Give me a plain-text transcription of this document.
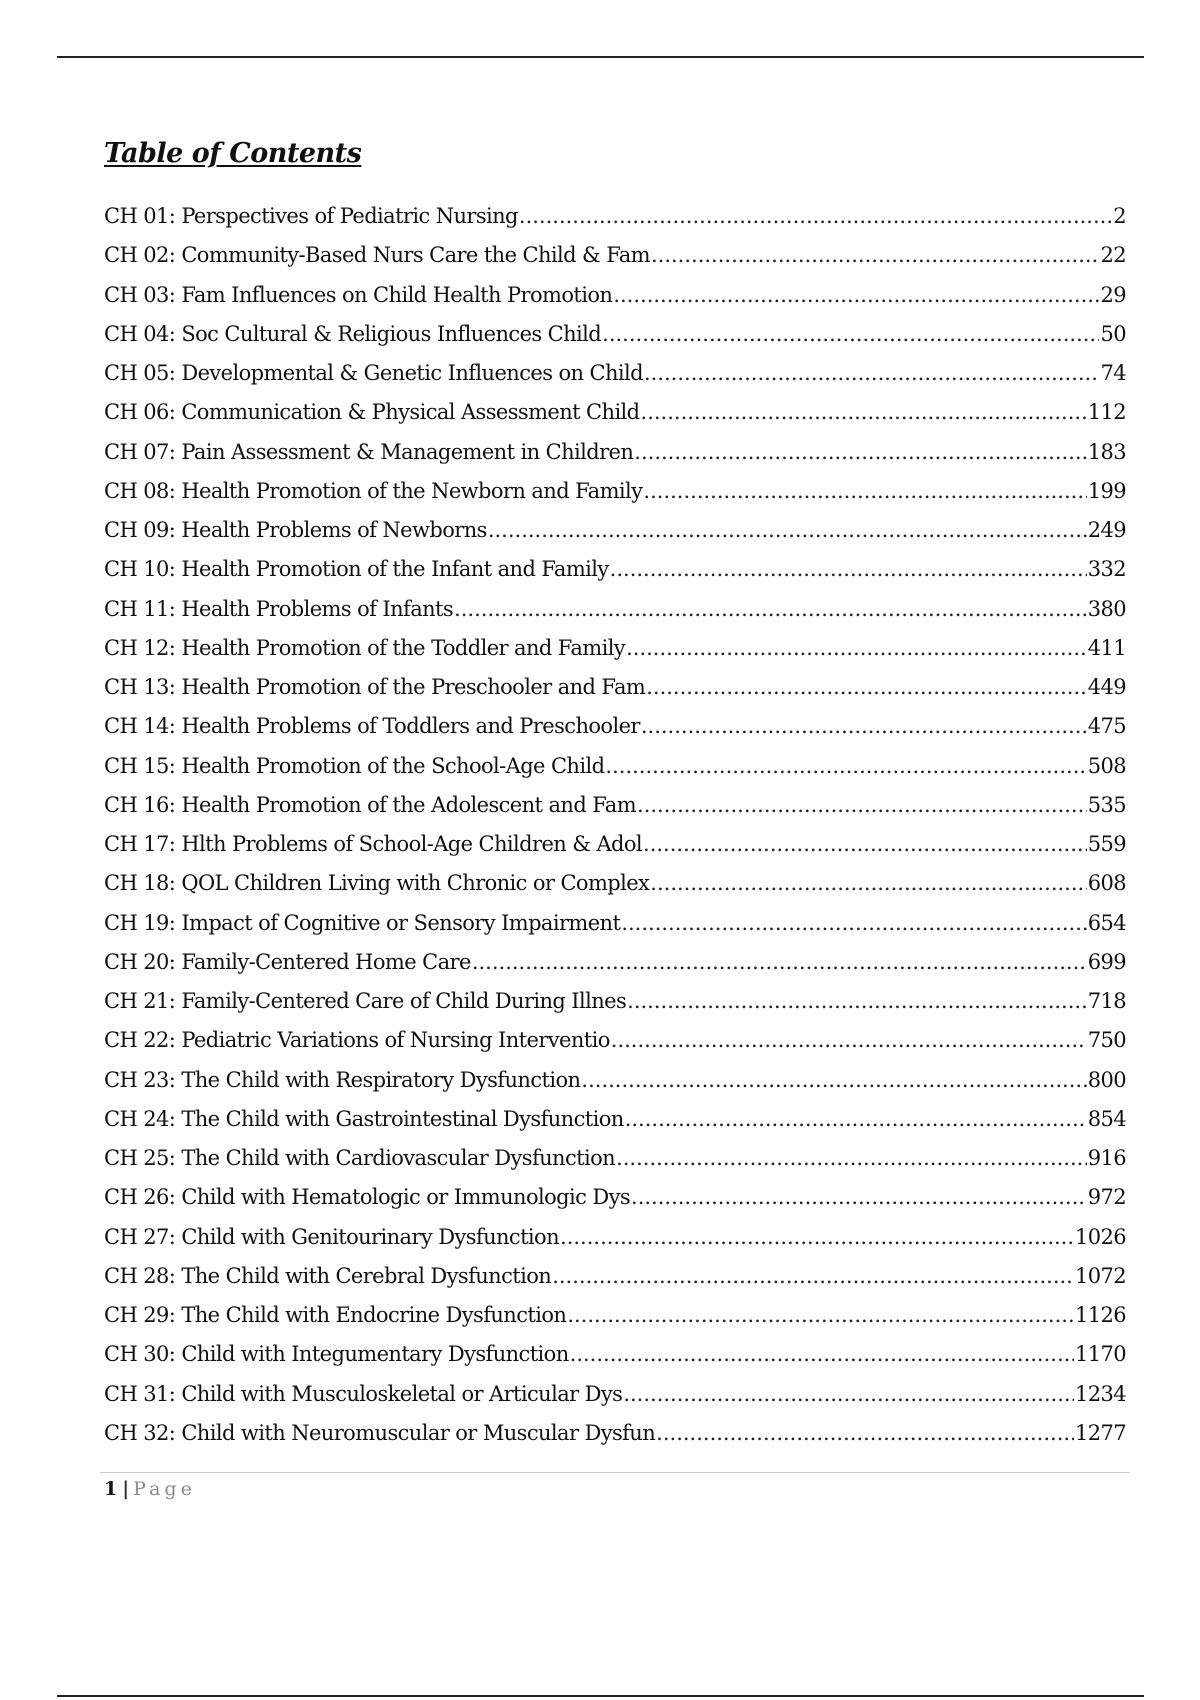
Table of Contents
CH 01: Perspectives of Pediatric Nursing .....	2
CH 02: Community-Based Nurs Care the Child & Fam .....	22
CH 03: Fam Influences on Child Health Promotion .....	29
CH 04: Soc Cultural & Religious Influences Child .....	50
CH 05: Developmental & Genetic Influences on Child .....	74
CH 06: Communication & Physical Assessment Child .....	112
CH 07: Pain Assessment & Management in Children .....	183
CH 08: Health Promotion of the Newborn and Family .....	199
CH 09: Health Problems of Newborns .....	249
CH 10: Health Promotion of the Infant and Family .....	332
CH 11: Health Problems of Infants .....	380
CH 12: Health Promotion of the Toddler and Family .....	411
CH 13: Health Promotion of the Preschooler and Fam .....	449
CH 14: Health Problems of Toddlers and Preschooler .....	475
CH 15: Health Promotion of the School-Age Child .....	508
CH 16: Health Promotion of the Adolescent and Fam .....	535
CH 17: Hlth Problems of School-Age Children & Adol .....	559
CH 18: QOL Children Living with Chronic or Complex .....	608
CH 19: Impact of Cognitive or Sensory Impairment .....	654
CH 20: Family-Centered Home Care .....	699
CH 21: Family-Centered Care of Child During Illnes .....	718
CH 22: Pediatric Variations of Nursing Interventio .....	750
CH 23: The Child with Respiratory Dysfunction .....	800
CH 24: The Child with Gastrointestinal Dysfunction .....	854
CH 25: The Child with Cardiovascular Dysfunction .....	916
CH 26: Child with Hematologic or Immunologic Dys .....	972
CH 27: Child with Genitourinary Dysfunction .....	1026
CH 28: The Child with Cerebral Dysfunction .....	1072
CH 29: The Child with Endocrine Dysfunction .....	1126
CH 30: Child with Integumentary Dysfunction .....	1170
CH 31: Child with Musculoskeletal or Articular Dys .....	1234
CH 32: Child with Neuromuscular or Muscular Dysfun .....	1277
1 | Page
